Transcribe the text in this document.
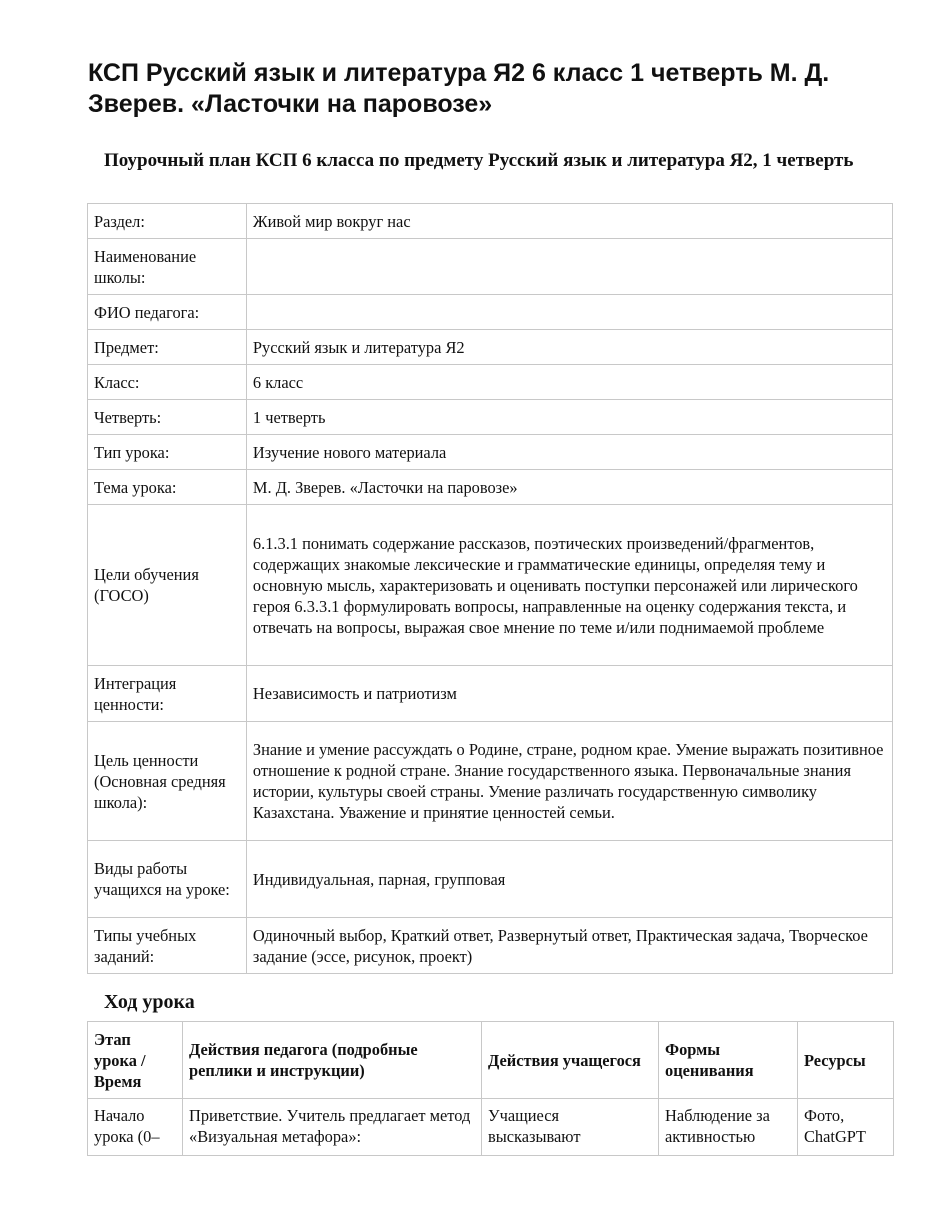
КСП Русский язык и литература Я2 6 класс 1 четверть М. Д. Зверев. «Ласточки на паровозе»
Поурочный план КСП 6 класса по предмету Русский язык и литература Я2, 1 четверть
Раздел:	Живой мир вокруг нас
Наименование школы:	
ФИО педагога:	
Предмет:	Русский язык и литература Я2
Класс:	6 класс
Четверть:	1 четверть
Тип урока:	Изучение нового материала
Тема урока:	М. Д. Зверев. «Ласточки на паровозе»
Цели обучения (ГОСО)	6.1.3.1 понимать содержание рассказов, поэтических произведений/фрагментов, содержащих знакомые лексические и грамматические единицы, определяя тему и основную мысль, характеризовать и оценивать поступки персонажей или лирического героя 6.3.3.1 формулировать вопросы, направленные на оценку содержания текста, и отвечать на вопросы, выражая свое мнение по теме и/или поднимаемой проблеме
Интеграция ценности:	Независимость и патриотизм
Цель ценности (Основная средняя школа):	Знание и умение рассуждать о Родине, стране, родном крае. Умение выражать позитивное отношение к родной стране. Знание государственного языка. Первоначальные знания истории, культуры своей страны. Умение различать государственную символику Казахстана. Уважение и принятие ценностей семьи.
Виды работы учащихся на уроке:	Индивидуальная, парная, групповая
Типы учебных заданий:	Одиночный выбор, Краткий ответ, Развернутый ответ, Практическая задача, Творческое задание (эссе, рисунок, проект)
Ход урока
Этап урока / Время	Действия педагога (подробные реплики и инструкции)	Действия учащегося	Формы оценивания	Ресурсы
Начало урока (0–	Приветствие. Учитель предлагает метод «Визуальная метафора»:	Учащиеся высказывают	Наблюдение за активностью	Фото, ChatGPT
